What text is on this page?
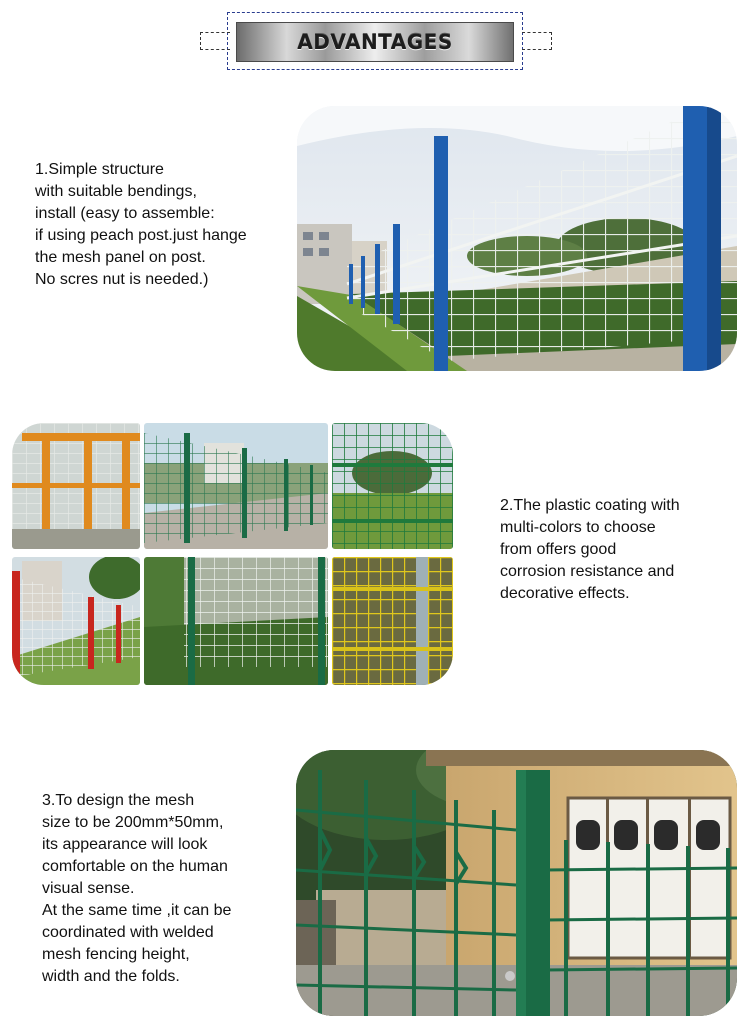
ADVANTAGES

1.Simple structure

with suitable bendings,

install (easy to assemble:

if using peach post.just hange

the mesh panel on post.

No scres nut is needed.)

2.The plastic coating with

multi-colors to choose

from offers good

corrosion resistance and

decorative effects.

3.To design the mesh

size to be 200mm*50mm,

its appearance will look

comfortable on the human

visual sense.

At the same time ,it can be

coordinated with welded

mesh fencing height,

width and the folds.
